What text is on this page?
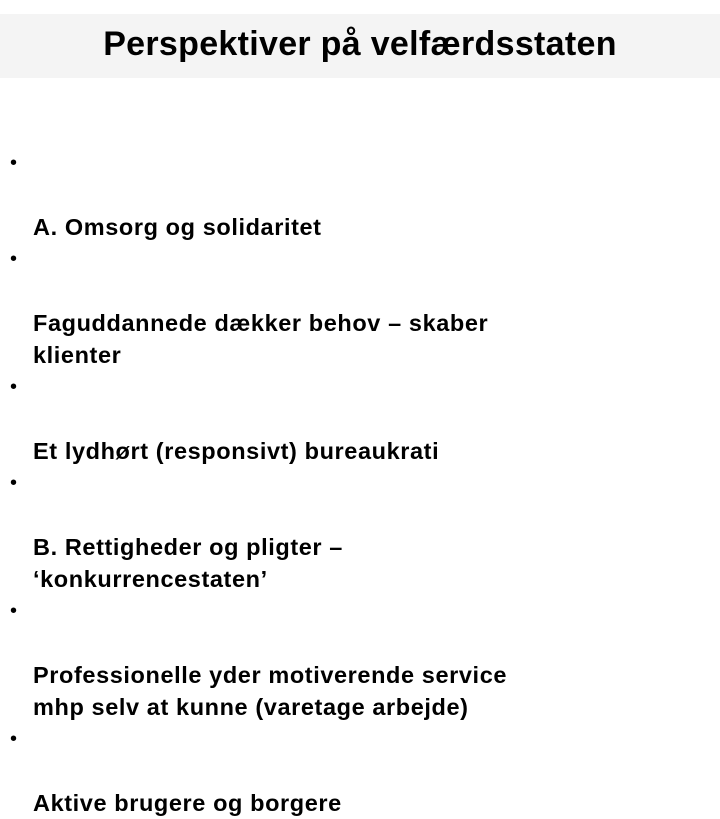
Perspektiver på velfærdsstaten

•

A. Omsorg og solidaritet

•

Faguddannede dækker behov – skaber
klienter

•

Et lydhørt (responsivt) bureaukrati

•

B. Rettigheder og pligter –
‘konkurrencestaten’

•

Professionelle yder motiverende service
mhp selv at kunne (varetage arbejde)

•

Aktive brugere og borgere
